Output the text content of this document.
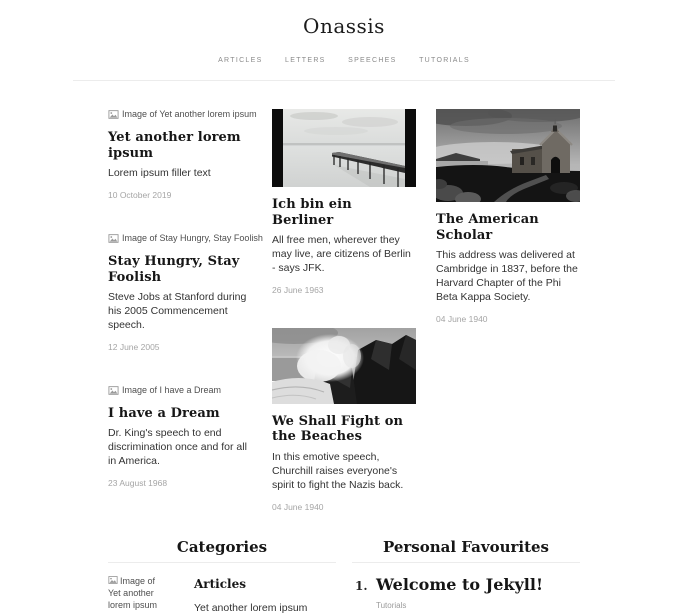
Onassis
ARTICLES	LETTERS	SPEECHES	TUTORIALS
Image of Yet another lorem ipsum
Yet another lorem ipsum

Lorem ipsum filler text

10 October 2019
Image of Stay Hungry, Stay Foolish
Stay Hungry, Stay Foolish

Steve Jobs at Stanford during his 2005 Commencement speech.

12 June 2005
Image of I have a Dream
I have a Dream

Dr. King's speech to end discrimination once and for all in America.

23 August 1968
Ich bin ein Berliner

All free men, wherever they may live, are citizens of Berlin - says JFK.

26 June 1963
We Shall Fight on the Beaches

In this emotive speech, Churchill raises everyone's spirit to fight the Nazis back.

04 June 1940
The American Scholar

This address was delivered at Cambridge in 1837, before the Harvard Chapter of the Phi Beta Kappa Society.

04 June 1940
Categories
Image of Yet another lorem ipsum
Articles
Yet another lorem ipsum
Personal Favourites
1. Welcome to Jekyll!
Tutorials
